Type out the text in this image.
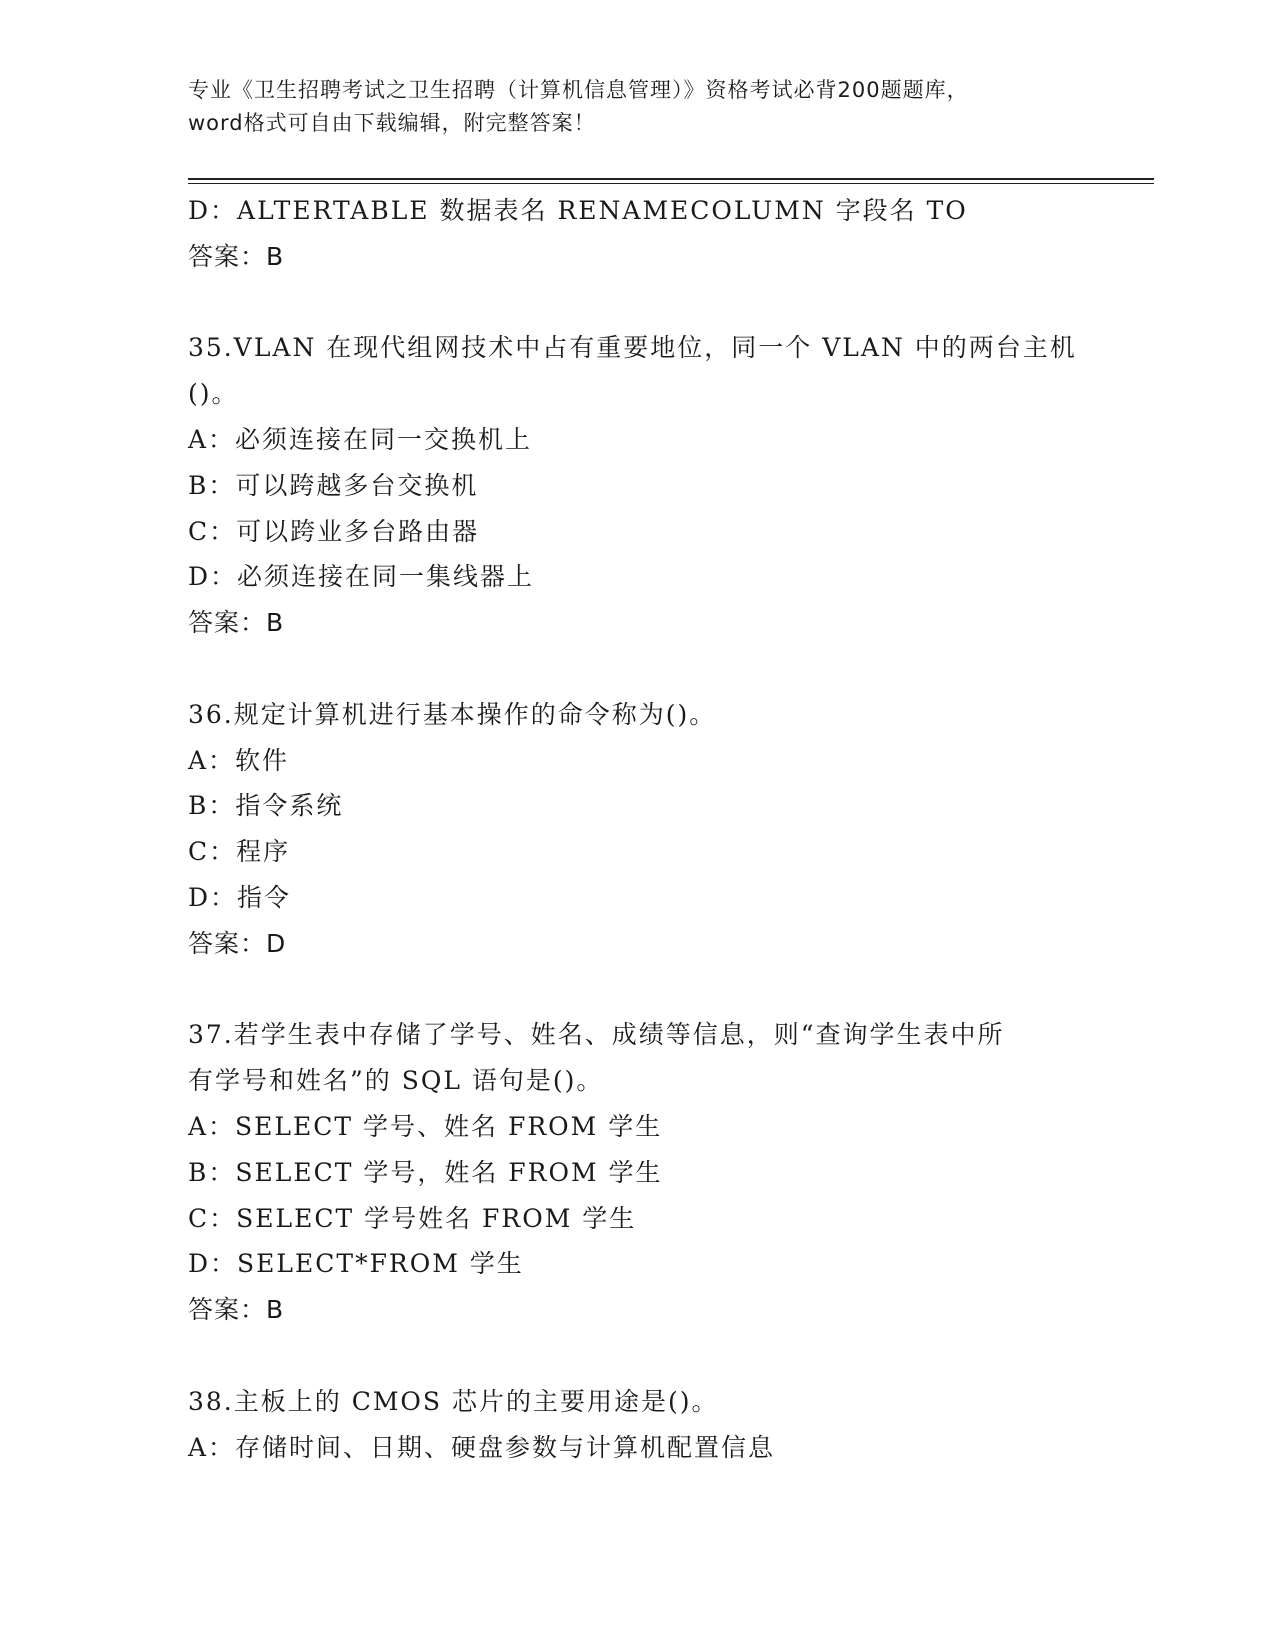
专业《卫生招聘考试之卫生招聘（计算机信息管理）》资格考试必背200题题库，
word格式可自由下载编辑，附完整答案！
D：ALTERTABLE 数据表名 RENAMECOLUMN 字段名 TO
答案：B
35.VLAN 在现代组网技术中占有重要地位，同一个 VLAN 中的两台主机
()。
A：必须连接在同一交换机上
B：可以跨越多台交换机
C：可以跨业多台路由器
D：必须连接在同一集线器上
答案：B
36.规定计算机进行基本操作的命令称为()。
A：软件
B：指令系统
C：程序
D：指令
答案：D
37.若学生表中存储了学号、姓名、成绩等信息，则“查询学生表中所
有学号和姓名”的 SQL 语句是()。
A：SELECT 学号、姓名 FROM 学生
B：SELECT 学号，姓名 FROM 学生
C：SELECT 学号姓名 FROM 学生
D：SELECT*FROM 学生
答案：B
38.主板上的 CMOS 芯片的主要用途是()。
A：存储时间、日期、硬盘参数与计算机配置信息
